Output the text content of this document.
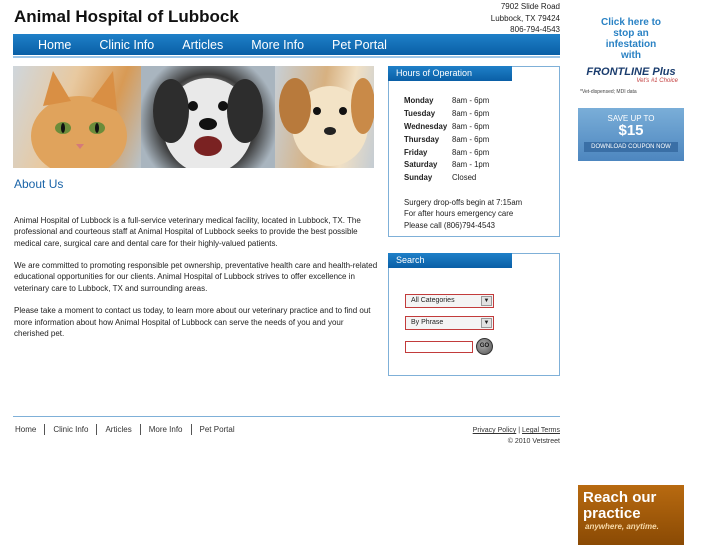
Animal Hospital of Lubbock
7902 Slide Road
Lubbock, TX 79424
806-794-4543
Home Clinic Info Articles More Info Pet Portal
About Us

Animal Hospital of Lubbock is a full-service veterinary medical facility, located in Lubbock, TX. The professional and courteous staff at Animal Hospital of Lubbock seeks to provide the best possible medical care, surgical care and dental care for their highly-valued patients.

We are committed to promoting responsible pet ownership, preventative health care and health-related educational opportunities for our clients. Animal Hospital of Lubbock strives to offer excellence in veterinary care to Lubbock, TX and surrounding areas.

Please take a moment to contact us today, to learn more about our veterinary practice and to find out more information about how Animal Hospital of Lubbock can serve the needs of you and your cherished pet.

Hours of Operation
Monday	8am - 6pm
Tuesday	8am - 6pm
Wednesday	8am - 6pm
Thursday	8am - 6pm
Friday	8am - 6pm
Saturday	8am - 1pm
Sunday	Closed
Surgery drop-offs begin at 7:15am
For after hours emergency care
Please call (806)794-4543
Search
All Categories	▼
By Phrase	▼
GO
Home	Clinic Info	Articles	More Info	Pet Portal	Privacy Policy | Legal Terms
© 2010 Vetstreet
Click here to
stop an
infestation
with
FRONTLINE Plus
Vet's #1 Choice
*Vet-dispensed; MDI data
SAVE UP TO
$15
DOWNLOAD COUPON NOW
Reach our
practice
anywhere, anytime.
